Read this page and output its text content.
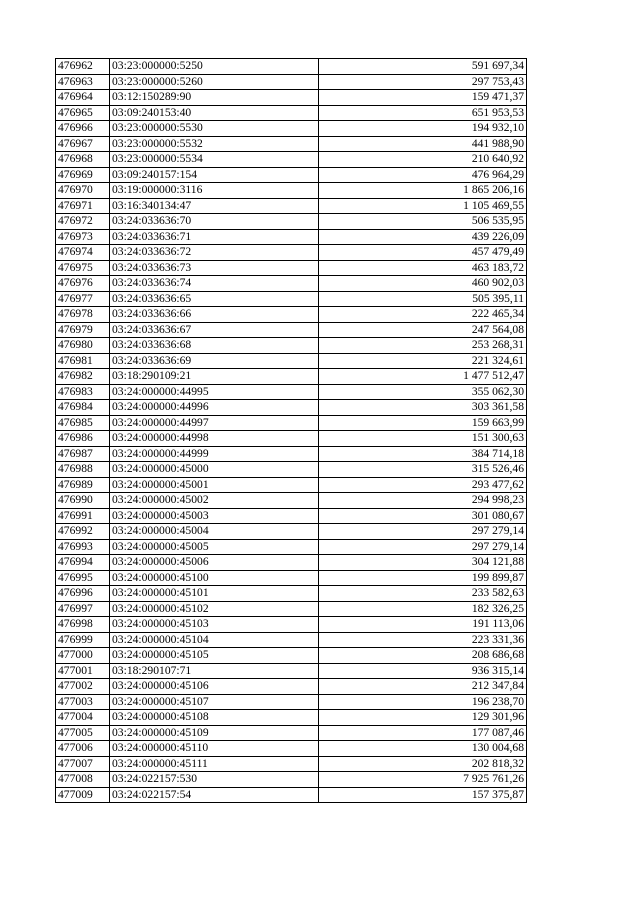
476962	03:23:000000:5250	591 697,34
476963	03:23:000000:5260	297 753,43
476964	03:12:150289:90	159 471,37
476965	03:09:240153:40	651 953,53
476966	03:23:000000:5530	194 932,10
476967	03:23:000000:5532	441 988,90
476968	03:23:000000:5534	210 640,92
476969	03:09:240157:154	476 964,29
476970	03:19:000000:3116	1 865 206,16
476971	03:16:340134:47	1 105 469,55
476972	03:24:033636:70	506 535,95
476973	03:24:033636:71	439 226,09
476974	03:24:033636:72	457 479,49
476975	03:24:033636:73	463 183,72
476976	03:24:033636:74	460 902,03
476977	03:24:033636:65	505 395,11
476978	03:24:033636:66	222 465,34
476979	03:24:033636:67	247 564,08
476980	03:24:033636:68	253 268,31
476981	03:24:033636:69	221 324,61
476982	03:18:290109:21	1 477 512,47
476983	03:24:000000:44995	355 062,30
476984	03:24:000000:44996	303 361,58
476985	03:24:000000:44997	159 663,99
476986	03:24:000000:44998	151 300,63
476987	03:24:000000:44999	384 714,18
476988	03:24:000000:45000	315 526,46
476989	03:24:000000:45001	293 477,62
476990	03:24:000000:45002	294 998,23
476991	03:24:000000:45003	301 080,67
476992	03:24:000000:45004	297 279,14
476993	03:24:000000:45005	297 279,14
476994	03:24:000000:45006	304 121,88
476995	03:24:000000:45100	199 899,87
476996	03:24:000000:45101	233 582,63
476997	03:24:000000:45102	182 326,25
476998	03:24:000000:45103	191 113,06
476999	03:24:000000:45104	223 331,36
477000	03:24:000000:45105	208 686,68
477001	03:18:290107:71	936 315,14
477002	03:24:000000:45106	212 347,84
477003	03:24:000000:45107	196 238,70
477004	03:24:000000:45108	129 301,96
477005	03:24:000000:45109	177 087,46
477006	03:24:000000:45110	130 004,68
477007	03:24:000000:45111	202 818,32
477008	03:24:022157:530	7 925 761,26
477009	03:24:022157:54	157 375,87
